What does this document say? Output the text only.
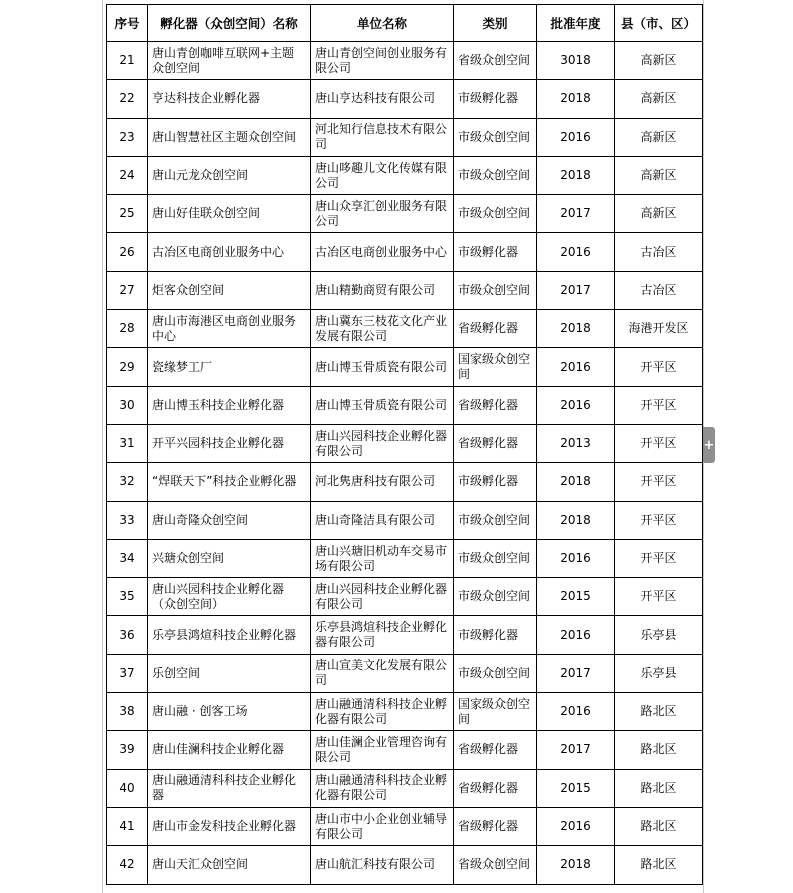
序号	孵化器（众创空间）名称	单位名称	类别	批准年度	县（市、区）
21	唐山青创咖啡互联网+主题众创空间	唐山青创空间创业服务有限公司	省级众创空间	3018	高新区
22	亨达科技企业孵化器	唐山亨达科技有限公司	市级孵化器	2018	高新区
23	唐山智慧社区主题众创空间	河北知行信息技术有限公司	市级众创空间	2016	高新区
24	唐山元龙众创空间	唐山哆趣儿文化传媒有限公司	市级众创空间	2018	高新区
25	唐山好佳联众创空间	唐山众享汇创业服务有限公司	市级众创空间	2017	高新区
26	古冶区电商创业服务中心	古冶区电商创业服务中心	市级孵化器	2016	古冶区
27	炬客众创空间	唐山精勤商贸有限公司	市级众创空间	2017	古冶区
28	唐山市海港区电商创业服务中心	唐山冀东三枝花文化产业发展有限公司	省级孵化器	2018	海港开发区
29	瓷缘梦工厂	唐山博玉骨质瓷有限公司	国家级众创空间	2016	开平区
30	唐山博玉科技企业孵化器	唐山博玉骨质瓷有限公司	省级孵化器	2016	开平区
31	开平兴园科技企业孵化器	唐山兴园科技企业孵化器有限公司	省级孵化器	2013	开平区
32	“焊联天下”科技企业孵化器	河北隽唐科技有限公司	市级孵化器	2018	开平区
33	唐山奇隆众创空间	唐山奇隆洁具有限公司	市级众创空间	2018	开平区
34	兴瑭众创空间	唐山兴瑭旧机动车交易市场有限公司	市级众创空间	2016	开平区
35	唐山兴园科技企业孵化器（众创空间）	唐山兴园科技企业孵化器有限公司	市级众创空间	2015	开平区
36	乐亭县鸿煊科技企业孵化器	乐亭县鸿煊科技企业孵化器有限公司	市级孵化器	2016	乐亭县
37	乐创空间	唐山宣美文化发展有限公司	市级众创空间	2017	乐亭县
38	唐山融 · 创客工场	唐山融通清科科技企业孵化器有限公司	国家级众创空间	2016	路北区
39	唐山佳澜科技企业孵化器	唐山佳澜企业管理咨询有限公司	省级孵化器	2017	路北区
40	唐山融通清科科技企业孵化器	唐山融通清科科技企业孵化器有限公司	省级孵化器	2015	路北区
41	唐山市金发科技企业孵化器	唐山市中小企业创业辅导有限公司	省级孵化器	2016	路北区
42	唐山天汇众创空间	唐山航汇科技有限公司	省级众创空间	2018	路北区
+
